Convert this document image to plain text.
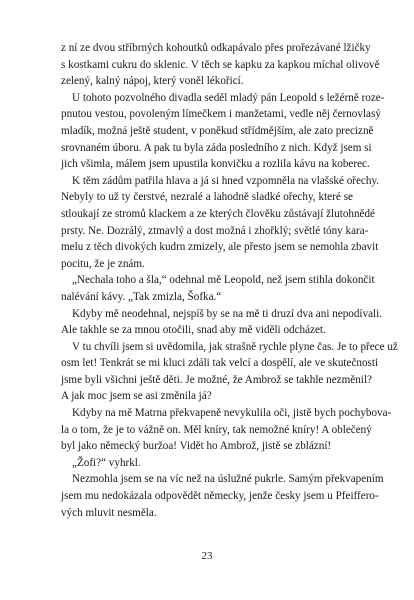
z ní ze dvou stříbrných kohoutků odkapávalo přes prořezávané lžičky
s kostkami cukru do sklenic. V těch se kapku za kapkou míchal olivově
zelený, kalný nápoj, který voněl lékořicí.

U tohoto pozvolného divadla seděl mladý pán Leopold s ležérně roze-
pnutou vestou, povoleným límečkem i manžetami, vedle něj černovlasý
mladík, možná ještě student, v poněkud střídmějším, ale zato precizně
srovnaném úboru. A pak tu byla záda posledního z nich. Když jsem si
jich všimla, málem jsem upustila konvičku a rozlila kávu na koberec.

K těm zádům patřila hlava a já si hned vzpomněla na vlašské ořechy.
Nebyly to už ty čerstvé, nezralé a lahodně sladké ořechy, které se
stloukají ze stromů klackem a ze kterých člověku zůstávají žlutohnědé
prsty. Ne. Dozrálý, ztmavlý a dost možná i zhořklý; světlé tóny kara-
melu z těch divokých kudrn zmizely, ale přesto jsem se nemohla zbavit
pocitu, že je znám.

„Nechala toho a šla,“ odehnal mě Leopold, než jsem stihla dokončit
nalévání kávy. „Tak zmizla, Šofka.“

Kdyby mě neodehnal, nejspíš by se na mě ti druzí dva ani nepodívali.
Ale takhle se za mnou otočili, snad aby mě viděli odcházet.

V tu chvíli jsem si uvědomila, jak strašně rychle plyne čas. Je to přece už
osm let! Tenkrát se mi kluci zdáli tak velcí a dospělí, ale ve skutečnosti
jsme byli všichni ještě děti. Je možné, že Ambrož se takhle nezměnil?
A jak moc jsem se asi změnila já?

Kdyby na mě Matrna překvapeně nevykulila oči, jistě bych pochybova-
la o tom, že je to vážně on. Měl kníry, tak nemožné kníry! A oblečený
byl jako německý buržoa! Vidět ho Ambrož, jistě se zblázní!

„Žofi?“ vyhrkl.

Nezmohla jsem se na víc než na úslužné pukrle. Samým překvapením
jsem mu nedokázala odpovědět německy, jenže česky jsem u Pfeiffero-
vých mluvit nesměla.

23
